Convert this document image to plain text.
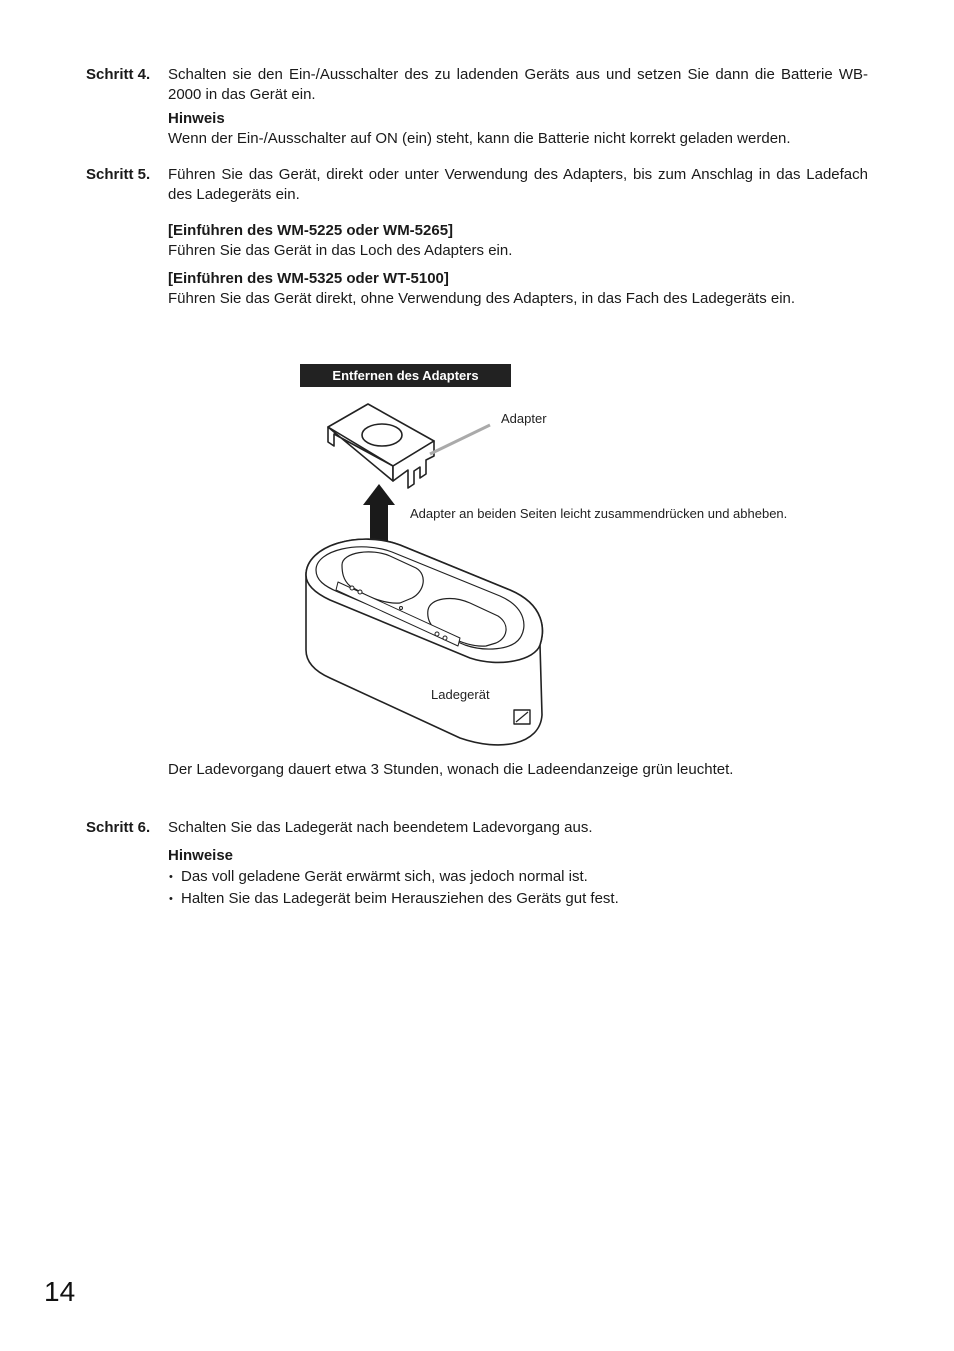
Schritt 4. Schalten sie den Ein-/Ausschalter des zu ladenden Geräts aus und setzen Sie dann die Batterie WB-2000 in das Gerät ein.

Hinweis

Wenn der Ein-/Ausschalter auf ON (ein) steht, kann die Batterie nicht korrekt geladen werden.

Schritt 5. Führen Sie das Gerät, direkt oder unter Verwendung des Adapters, bis zum Anschlag in das Ladefach des Ladegeräts ein.

[Einführen des WM-5225 oder WM-5265]

Führen Sie das Gerät in das Loch des Adapters ein.

[Einführen des WM-5325 oder WT-5100]

Führen Sie das Gerät direkt, ohne Verwendung des Adapters, in das Fach des Ladegeräts ein.

Entfernen des Adapters
Adapter
Adapter an beiden Seiten leicht zusammendrücken und abheben.
Ladegerät
Der Ladevorgang dauert etwa 3 Stunden, wonach die Ladeendanzeige grün leuchtet.
Schritt 6. Schalten Sie das Ladegerät nach beendetem Ladevorgang aus.

Hinweise
• Das voll geladene Gerät erwärmt sich, was jedoch normal ist.
• Halten Sie das Ladegerät beim Herausziehen des Geräts gut fest.
14
